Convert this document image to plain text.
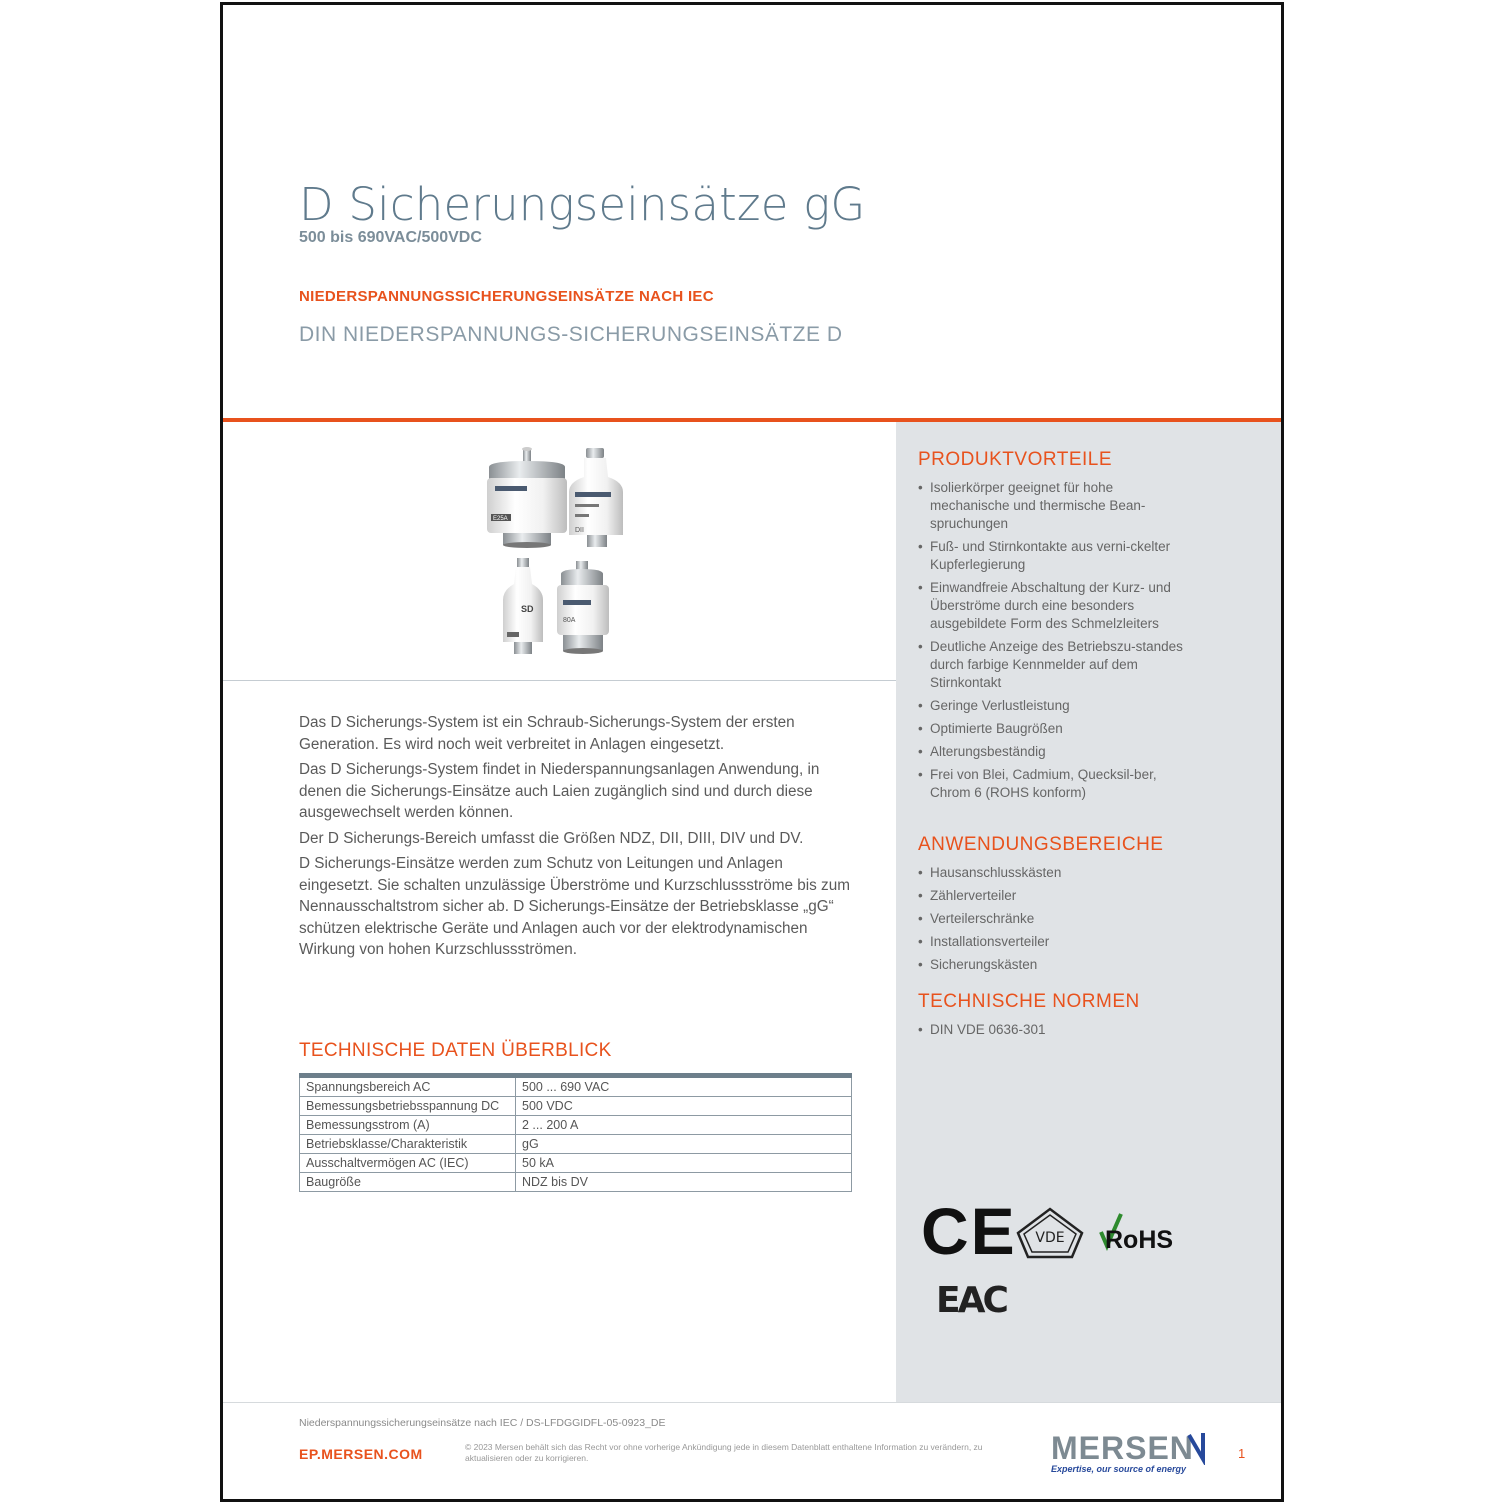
D Sicherungseinsätze gG
500 bis 690VAC/500VDC
NIEDERSPANNUNGSSICHERUNGSEINSÄTZE NACH IEC
DIN NIEDERSPANNUNGS-SICHERUNGSEINSÄTZE D
E25A
DII
SD
80A

Das D Sicherungs-System ist ein Schraub-Sicherungs-System der ersten Generation. Es wird noch weit verbreitet in Anlagen eingesetzt.

Das D Sicherungs-System findet in Niederspannungsanlagen Anwendung, in denen die Sicherungs-Einsätze auch Laien zugänglich sind und durch diese ausgewechselt werden können.

Der D Sicherungs-Bereich umfasst die Größen NDZ, DII, DIII, DIV und DV.

D Sicherungs-Einsätze werden zum Schutz von Leitungen und Anlagen eingesetzt. Sie schalten unzulässige Überströme und Kurzschlussströme bis zum Nennausschaltstrom sicher ab. D Sicherungs-Einsätze der Betriebsklasse „gG“ schützen elektrische Geräte und Anlagen auch vor der elektrodynamischen Wirkung von hohen Kurzschlussströmen.

TECHNISCHE DATEN ÜBERBLICK
Spannungsbereich AC	500 ... 690 VAC
Bemessungsbetriebsspannung DC	500 VDC
Bemessungsstrom (A)	2 ... 200 A
Betriebsklasse/Charakteristik	gG
Ausschaltvermögen AC (IEC)	50 kA
Baugröße	NDZ bis DV
PRODUKTVORTEILE
• Isolierkörper geeignet für hohe mechanische und thermische Bean-spruchungen
• Fuß- und Stirnkontakte aus verni-ckelter Kupferlegierung
• Einwandfreie Abschaltung der Kurz- und Überströme durch eine besonders ausgebildete Form des Schmelzleiters
• Deutliche Anzeige des Betriebszu-standes durch farbige Kennmelder auf dem Stirnkontakt
• Geringe Verlustleistung
• Optimierte Baugrößen
• Alterungsbeständig
• Frei von Blei, Cadmium, Quecksil-ber, Chrom 6 (ROHS konform)
ANWENDUNGSBEREICHE
• Hausanschlusskästen
• Zählerverteiler
• Verteilerschränke
• Installationsverteiler
• Sicherungskästen
TECHNISCHE NORMEN
• DIN VDE 0636-301
CE VDE RoHS
EAC
Niederspannungssicherungseinsätze nach IEC / DS-LFDGGIDFL-05-0923_DE
EP.MERSEN.COM	© 2023 Mersen behält sich das Recht vor ohne vorherige Ankündigung jede in diesem Datenblatt enthaltene Information zu verändern, zu aktualisieren oder zu korrigieren.	MERSEN
Expertise, our source of energy
1
